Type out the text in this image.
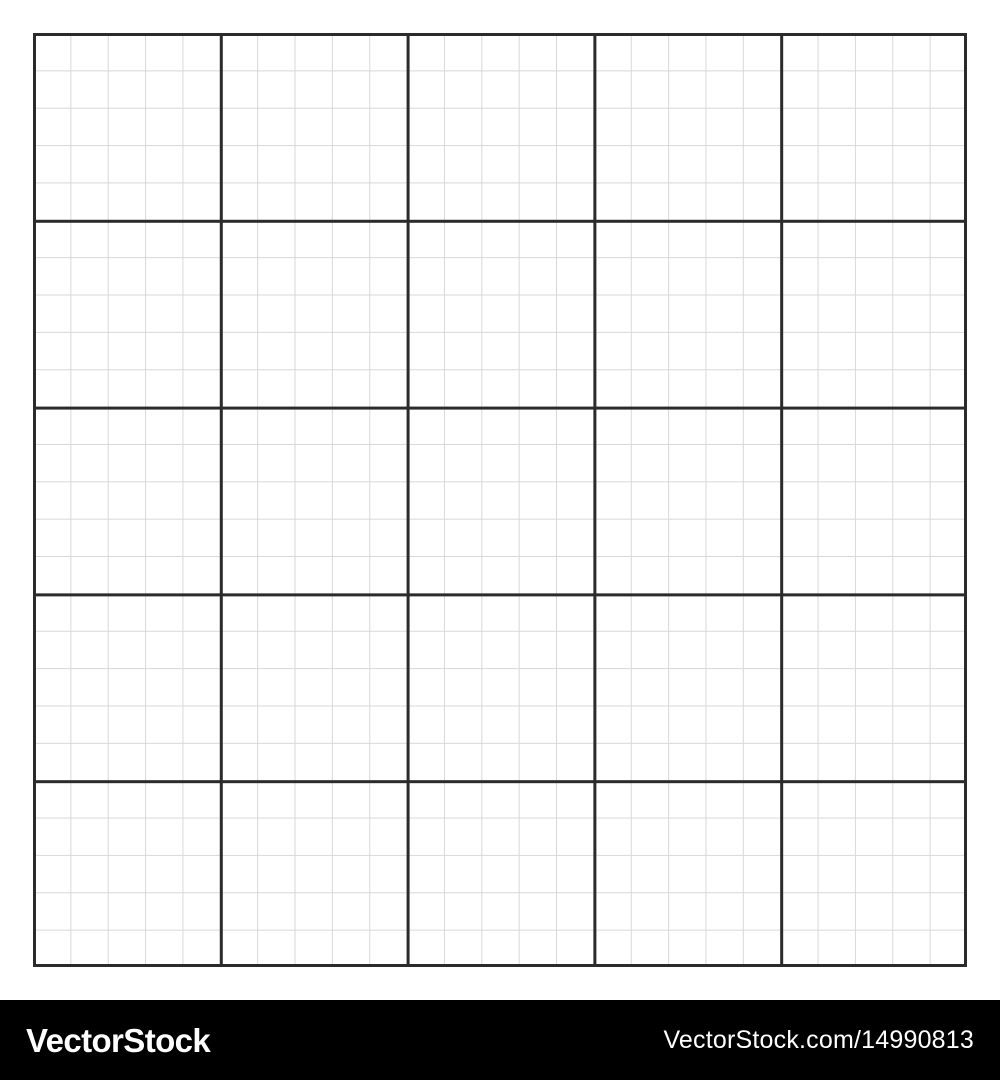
VectorStock	VectorStock.com/14990813
